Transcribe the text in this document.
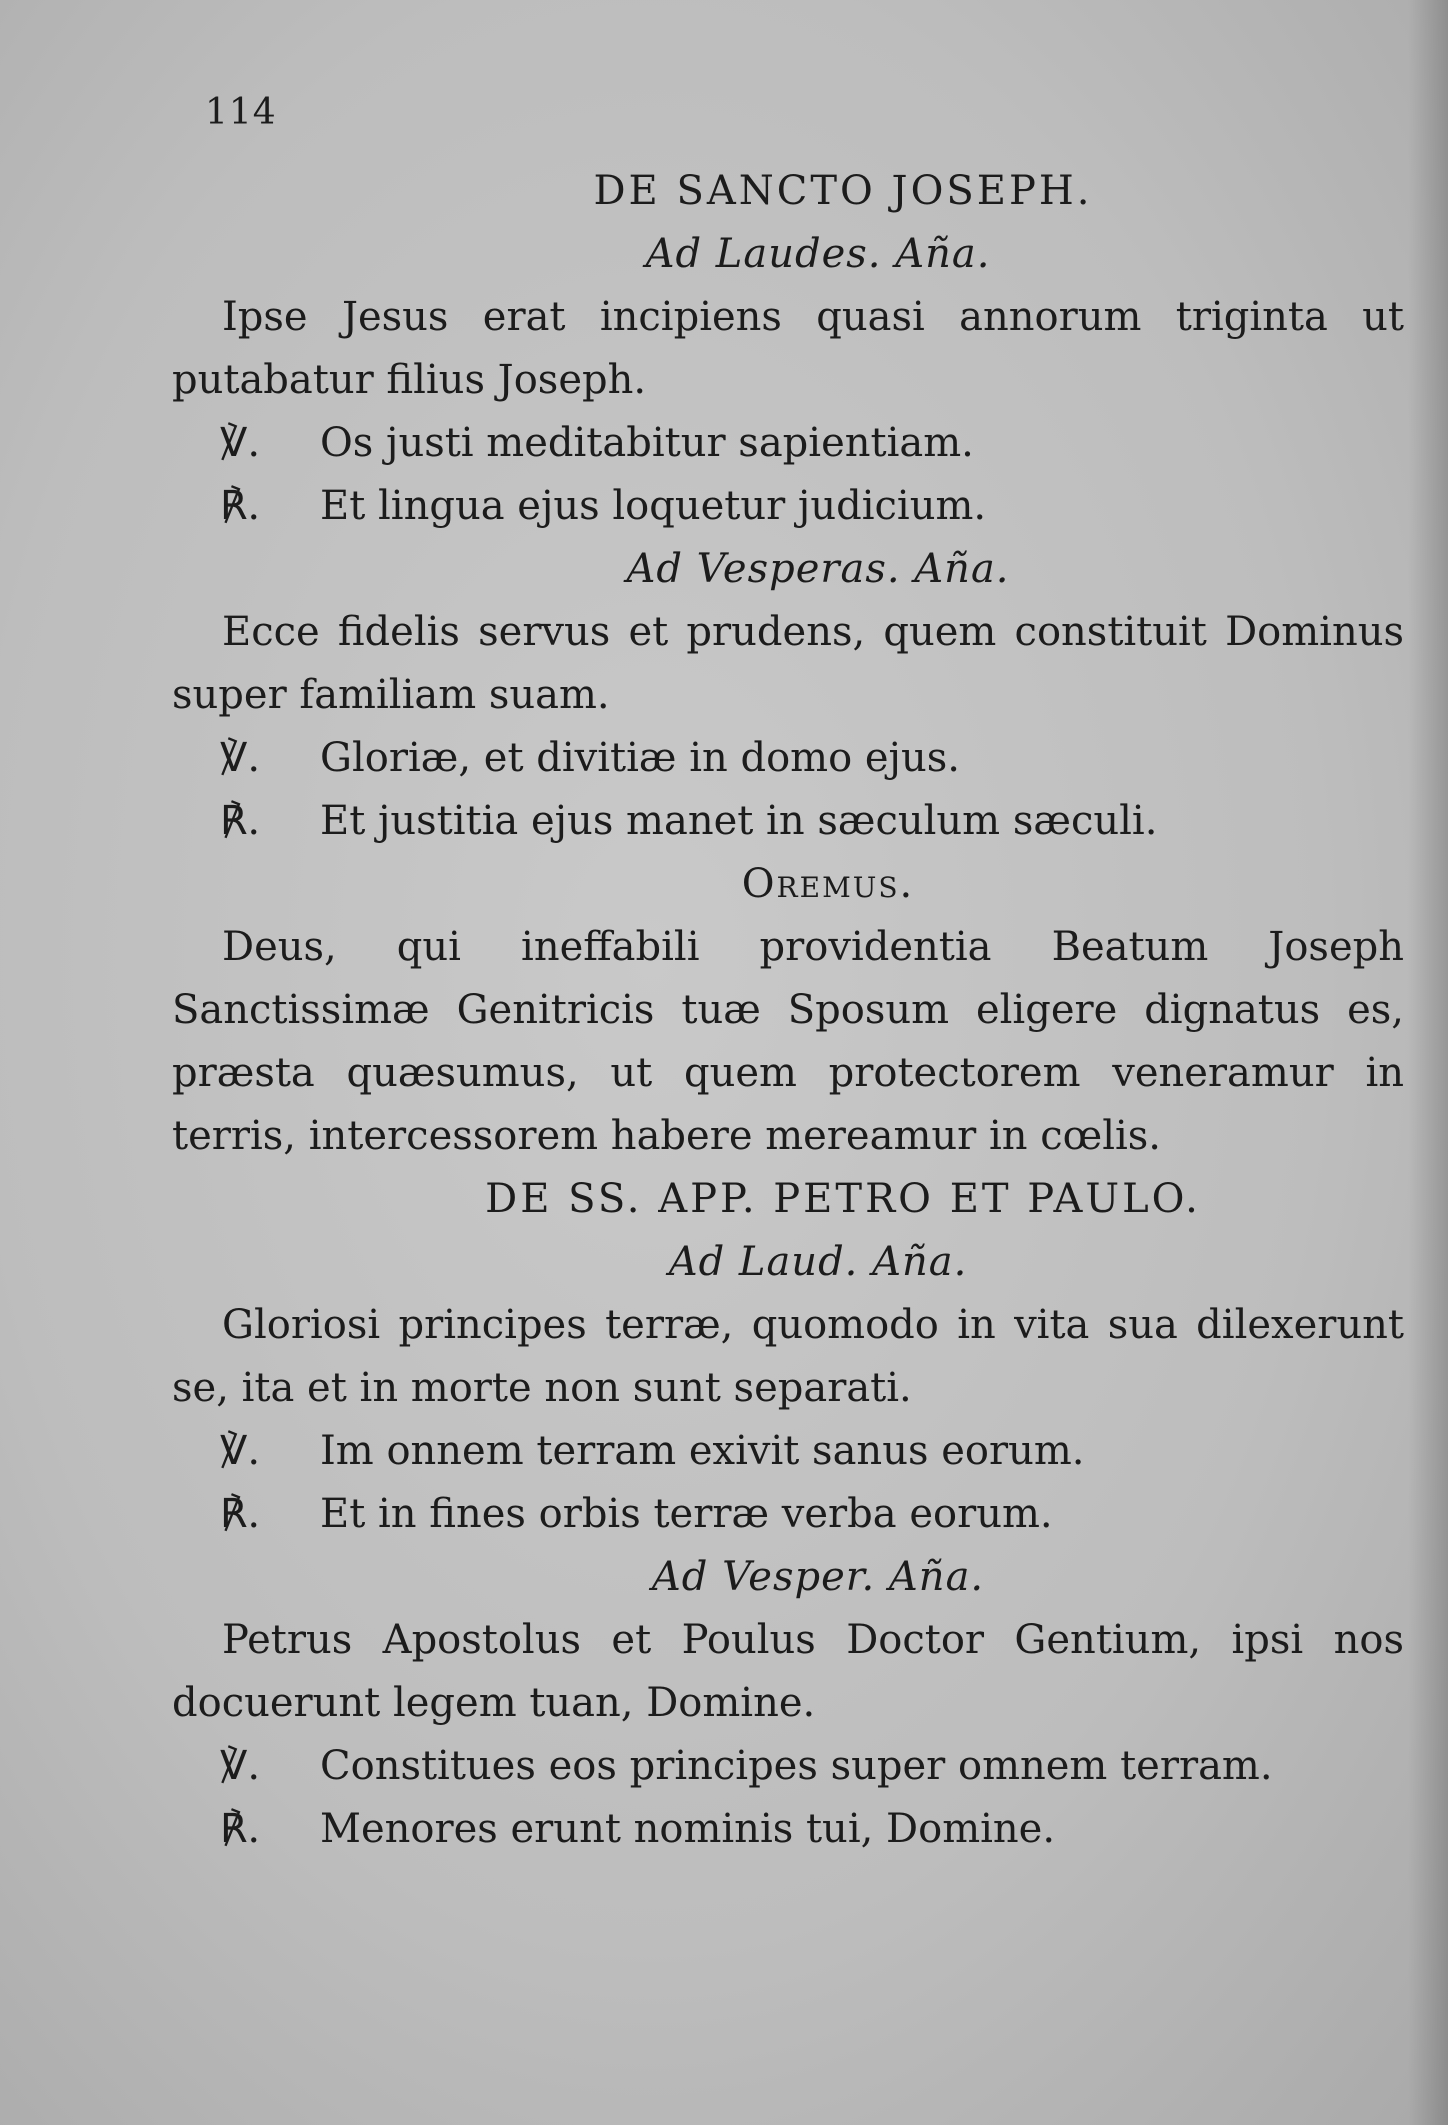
114
DE SANCTO JOSEPH.
Ad Laudes. Aña.
Ipse Jesus erat incipiens quasi annorum triginta ut putabatur filius Joseph.
℣. Os justi meditabitur sapientiam.
℟. Et lingua ejus loquetur judicium.
Ad Vesperas. Aña.
Ecce fidelis servus et prudens, quem constituit Dominus super familiam suam.
℣. Gloriæ, et divitiæ in domo ejus.
℟. Et justitia ejus manet in sæculum sæculi.
Oremus.
Deus, qui ineffabili providentia Beatum Joseph Sanctissimæ Genitricis tuæ Sposum eligere dignatus es, præsta quæsumus, ut quem protectorem veneramur in terris, intercessorem habere mereamur in cœlis.
DE SS. APP. PETRO ET PAULO.
Ad Laud. Aña.
Gloriosi principes terræ, quomodo in vita sua dilexerunt se, ita et in morte non sunt separati.
℣. Im onnem terram exivit sanus eorum.
℟. Et in fines orbis terræ verba eorum.
Ad Vesper. Aña.
Petrus Apostolus et Poulus Doctor Gentium, ipsi nos docuerunt legem tuan, Domine.
℣. Constitues eos principes super omnem terram.
℟. Menores erunt nominis tui, Domine.
